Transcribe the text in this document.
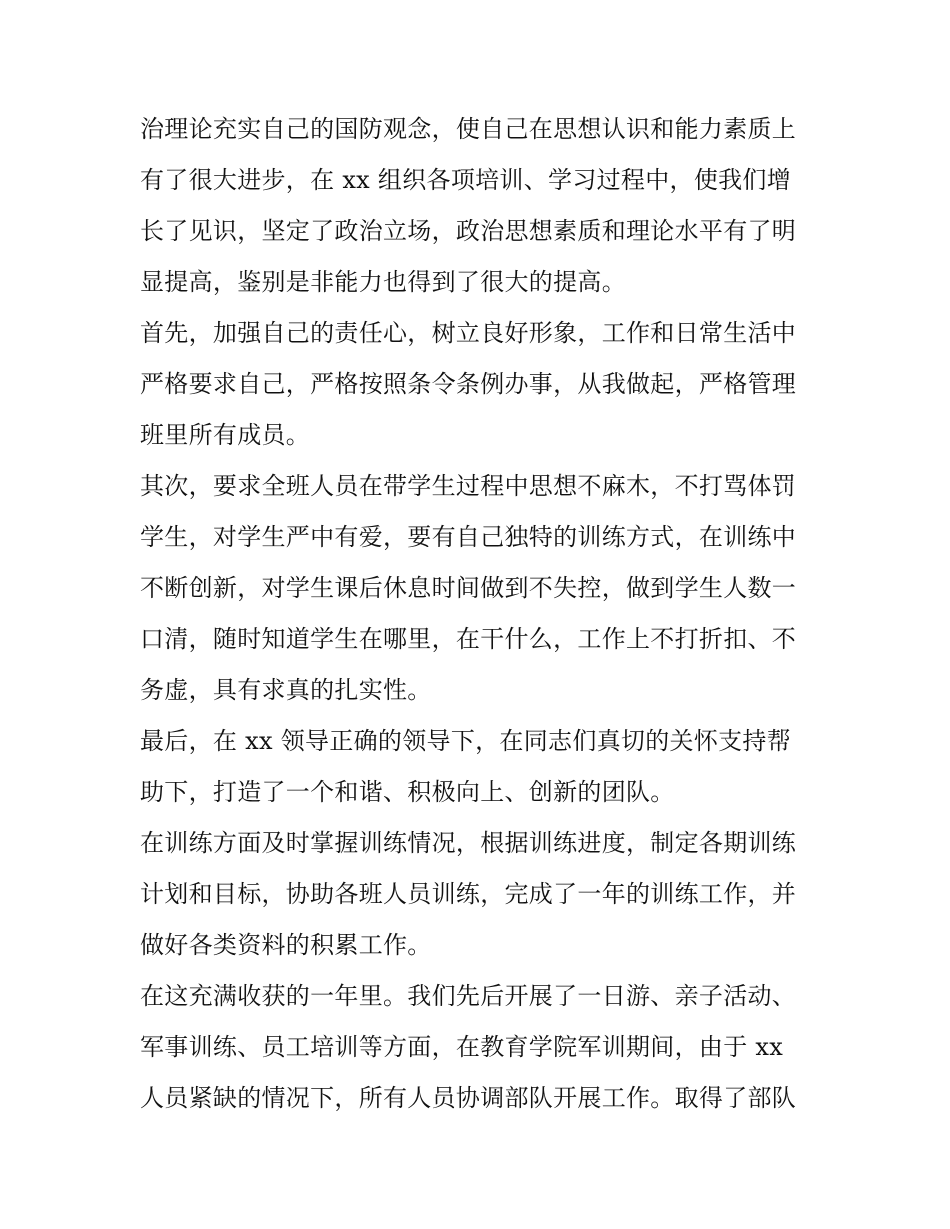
治理论充实自己的国防观念，使自己在思想认识和能力素质上
有了很大进步，在 xx 组织各项培训、学习过程中，使我们增
长了见识，坚定了政治立场，政治思想素质和理论水平有了明
显提高，鉴别是非能力也得到了很大的提高。
首先，加强自己的责任心，树立良好形象，工作和日常生活中
严格要求自己，严格按照条令条例办事，从我做起，严格管理
班里所有成员。
其次，要求全班人员在带学生过程中思想不麻木，不打骂体罚
学生，对学生严中有爱，要有自己独特的训练方式，在训练中
不断创新，对学生课后休息时间做到不失控，做到学生人数一
口清，随时知道学生在哪里，在干什么，工作上不打折扣、不
务虚，具有求真的扎实性。
最后，在 xx 领导正确的领导下，在同志们真切的关怀支持帮
助下，打造了一个和谐、积极向上、创新的团队。
在训练方面及时掌握训练情况，根据训练进度，制定各期训练
计划和目标，协助各班人员训练，完成了一年的训练工作，并
做好各类资料的积累工作。
在这充满收获的一年里。我们先后开展了一日游、亲子活动、
军事训练、员工培训等方面，在教育学院军训期间，由于 xx
人员紧缺的情况下，所有人员协调部队开展工作。取得了部队
